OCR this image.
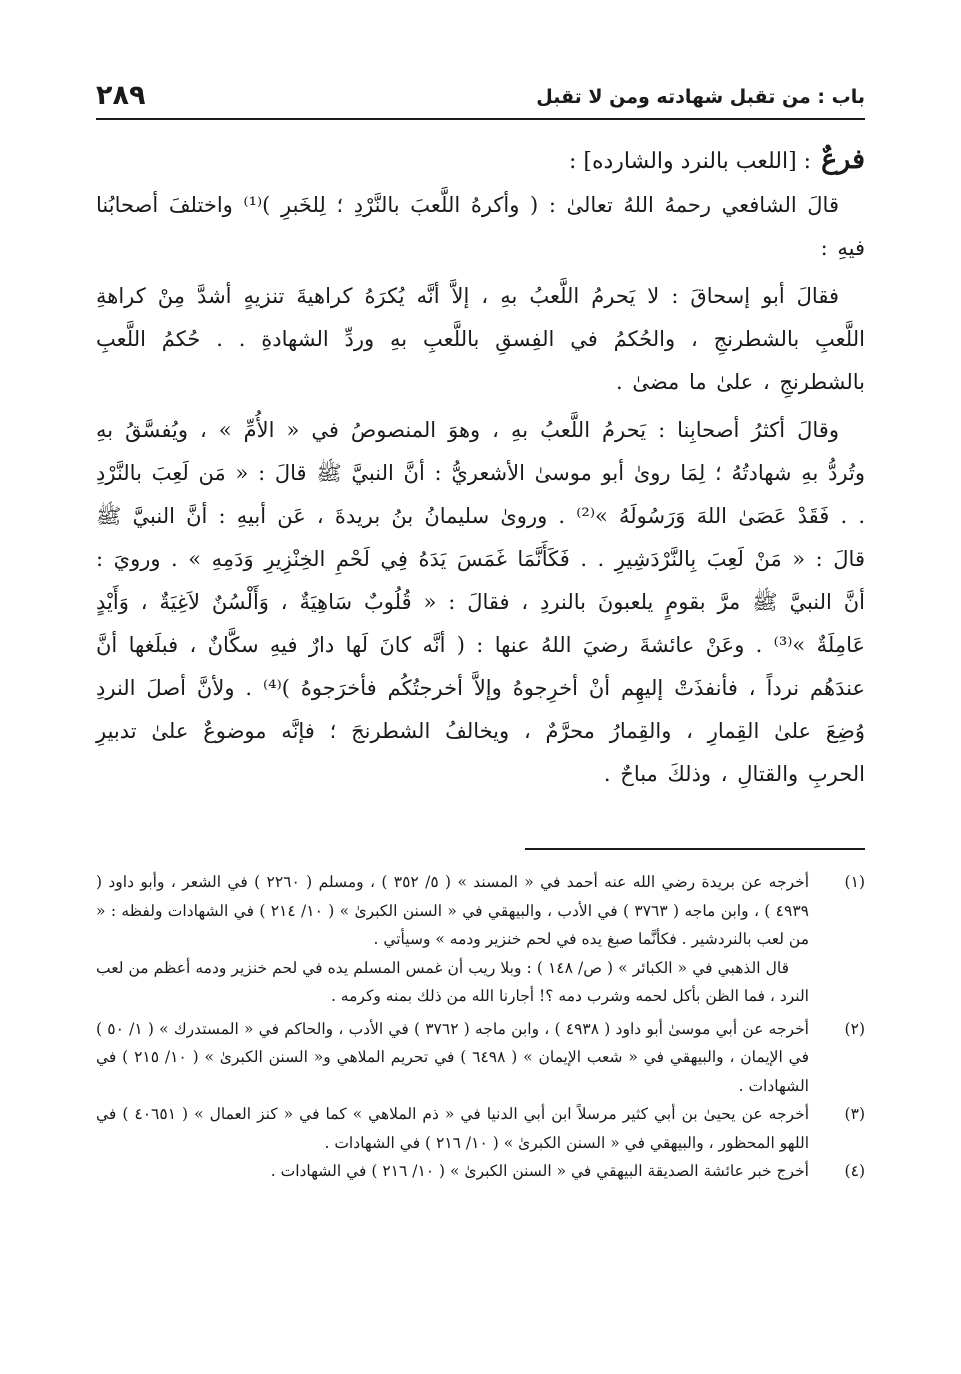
باب : من تقبل شهادته ومن لا تقبل
٢٨٩
فرعٌ: [اللعب بالنرد والشارده] :

قالَ الشافعي رحمهُ اللهُ تعالىٰ : ( وأكرهُ اللَّعبَ بالنَّرْدِ ؛ لِلخَبرِ )⁽¹⁾ واختلفَ أصحابُنا فيهِ :

فقالَ أبو إسحاقَ : لا يَحرمُ اللَّعبُ بهِ ، إلاَّ أنَّه يُكرَهُ كراهيةَ تنزيهٍ أشدَّ مِنْ كراهةِ اللَّعبِ بالشطرنجِ ، والحُكمُ في الفِسقِ باللَّعبِ بهِ وردِّ الشهادةِ . . حُكمُ اللَّعبِ بالشطرنجِ ، علىٰ ما مضىٰ .

وقالَ أكثرُ أصحابِنا : يَحرمُ اللَّعبُ بهِ ، وهوَ المنصوصُ في « الأُمِّ » ، ويُفسَّقُ بهِ وتُردُّ بهِ شهادتُهُ ؛ لِمَا روىٰ أبو موسىٰ الأشعريُّ : أنَّ النبيَّ ﷺ قالَ : « مَن لَعِبَ بالنَّرْدِ . . فَقَدْ عَصَىٰ اللهَ وَرَسُولَهُ »⁽²⁾ . وروىٰ سليمانُ بنُ بريدةَ ، عَن أبيهِ : أنَّ النبيَّ ﷺ قالَ : « مَنْ لَعِبَ بِالنَّرْدَشِيرِ . . فَكَأَنَّمَا غَمَسَ يَدَهُ فِي لَحْمِ الخِنْزِيرِ وَدَمِهِ » . ورويَ : أنَّ النبيَّ ﷺ مرَّ بقومٍ يلعبونَ بالنردِ ، فقالَ : « قُلُوبٌ سَاهِيَةٌ ، وَأَلْسُنٌ لاَغِيَةٌ ، وَأَيْدٍ عَامِلَةٌ »⁽³⁾ . وعَنْ عائشةَ رضيَ اللهُ عنها : ( أنَّه كانَ لَها دارٌ فيهِ سكَّانٌ ، فبلَغها أنَّ عندَهُم نرداً ، فأنفذَتْ إليهِم أنْ أخرِجوهُ وإلاَّ أخرجتُكُم فأخرَجوهُ )⁽⁴⁾ . ولأنَّ أصلَ النردِ وُضِعَ علىٰ القِمارِ ، والقِمارُ محرَّمٌ ، ويخالفُ الشطرنجَ ؛ فإنَّه موضوعٌ علىٰ تدبيرِ الحربِ والقتالِ ، وذلكَ مباحٌ .

(١)
أخرجه عن بريدة رضي الله عنه أحمد في « المسند » ( ٥/ ٣٥٢ ) ، ومسلم ( ٢٢٦٠ ) في الشعر ، وأبو داود ( ٤٩٣٩ ) ، وابن ماجه ( ٣٧٦٣ ) في الأدب ، والبيهقي في « السنن الكبرىٰ » ( ١٠/ ٢١٤ ) في الشهادات ولفظه : « من لعب بالنردشير . فكأنَّما صبغ يده في لحم خنزير ودمه » وسيأتي .

قال الذهبي في « الكبائر » ( ص/ ١٤٨ ) : وبلا ريب أن غمس المسلم يده في لحم خنزير ودمه أعظم من لعب النرد ، فما الظن بأكل لحمه وشرب دمه ؟! أجارنا الله من ذلك بمنه وكرمه .

(٢)
أخرجه عن أبي موسىٰ أبو داود ( ٤٩٣٨ ) ، وابن ماجه ( ٣٧٦٢ ) في الأدب ، والحاكم في « المستدرك » ( ١/ ٥٠ ) في الإيمان ، والبيهقي في « شعب الإيمان » ( ٦٤٩٨ ) في تحريم الملاهي و« السنن الكبرىٰ » ( ١٠/ ٢١٥ ) في الشهادات .

(٣)
أخرجه عن يحيىٰ بن أبي كثير مرسلاً ابن أبي الدنيا في « ذم الملاهي » كما في « كنز العمال » ( ٤٠٦٥١ ) في اللهو المحظور ، والبيهقي في « السنن الكبرىٰ » ( ١٠/ ٢١٦ ) في الشهادات .

(٤)
أخرج خبر عائشة الصديقة البيهقي في « السنن الكبرىٰ » ( ١٠/ ٢١٦ ) في الشهادات .
